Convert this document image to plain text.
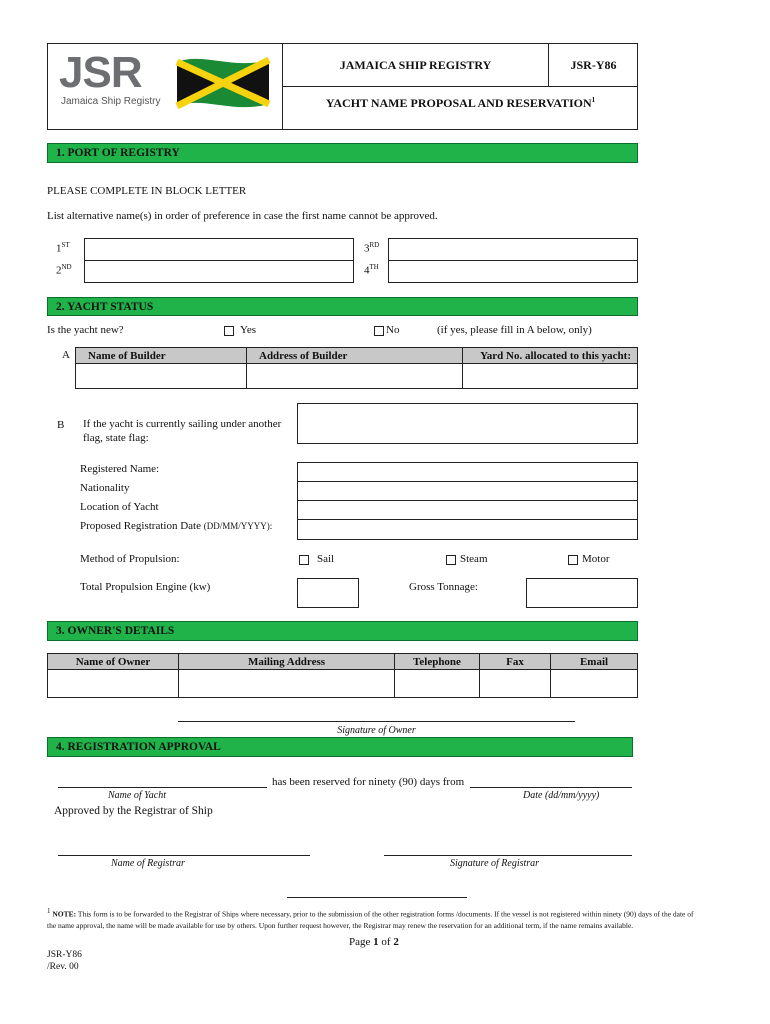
JSR
Jamaica Ship Registry
JAMAICA SHIP REGISTRY	JSR-Y86
YACHT NAME PROPOSAL AND RESERVATION$^1$
1. PORT OF REGISTRY
PLEASE COMPLETE IN BLOCK LETTER
List alternative name(s) in order of preference in case the first name cannot be approved.
1ST
2ND
3RD
4TH
2. YACHT STATUS
Is the yacht new?	Yes	No	(if yes, please fill in A below, only)
A	Name of Builder	Address of Builder	Yard No. allocated to this yacht:
B If the yacht is currently sailing under another
flag, state flag:
Registered Name:
Nationality
Location of Yacht
Proposed Registration Date (DD/MM/YYYY):
Method of Propulsion:	Sail	Steam	Motor
Total Propulsion Engine (kw)	Gross Tonnage:
3. OWNER'S DETAILS
Name of Owner	Mailing Address	Telephone	Fax	Email
Signature of Owner
4. REGISTRATION APPROVAL
has been reserved for ninety (90) days from
Name of Yacht	Date (dd/mm/yyyy)
Approved by the Registrar of Ship
Name of Registrar	Signature of Registrar
$^1$ NOTE: This form is to be forwarded to the Registrar of Ships where necessary, prior to the submission of the other registration forms /documents. If the vessel is not registered within ninety (90) days of the date of
the name approval, the name will be made available for use by others. Upon further request however, the Registrar may renew the reservation for an additional term, if the name remains available.
Page 1 of 2
JSR-Y86
/Rev. 00
